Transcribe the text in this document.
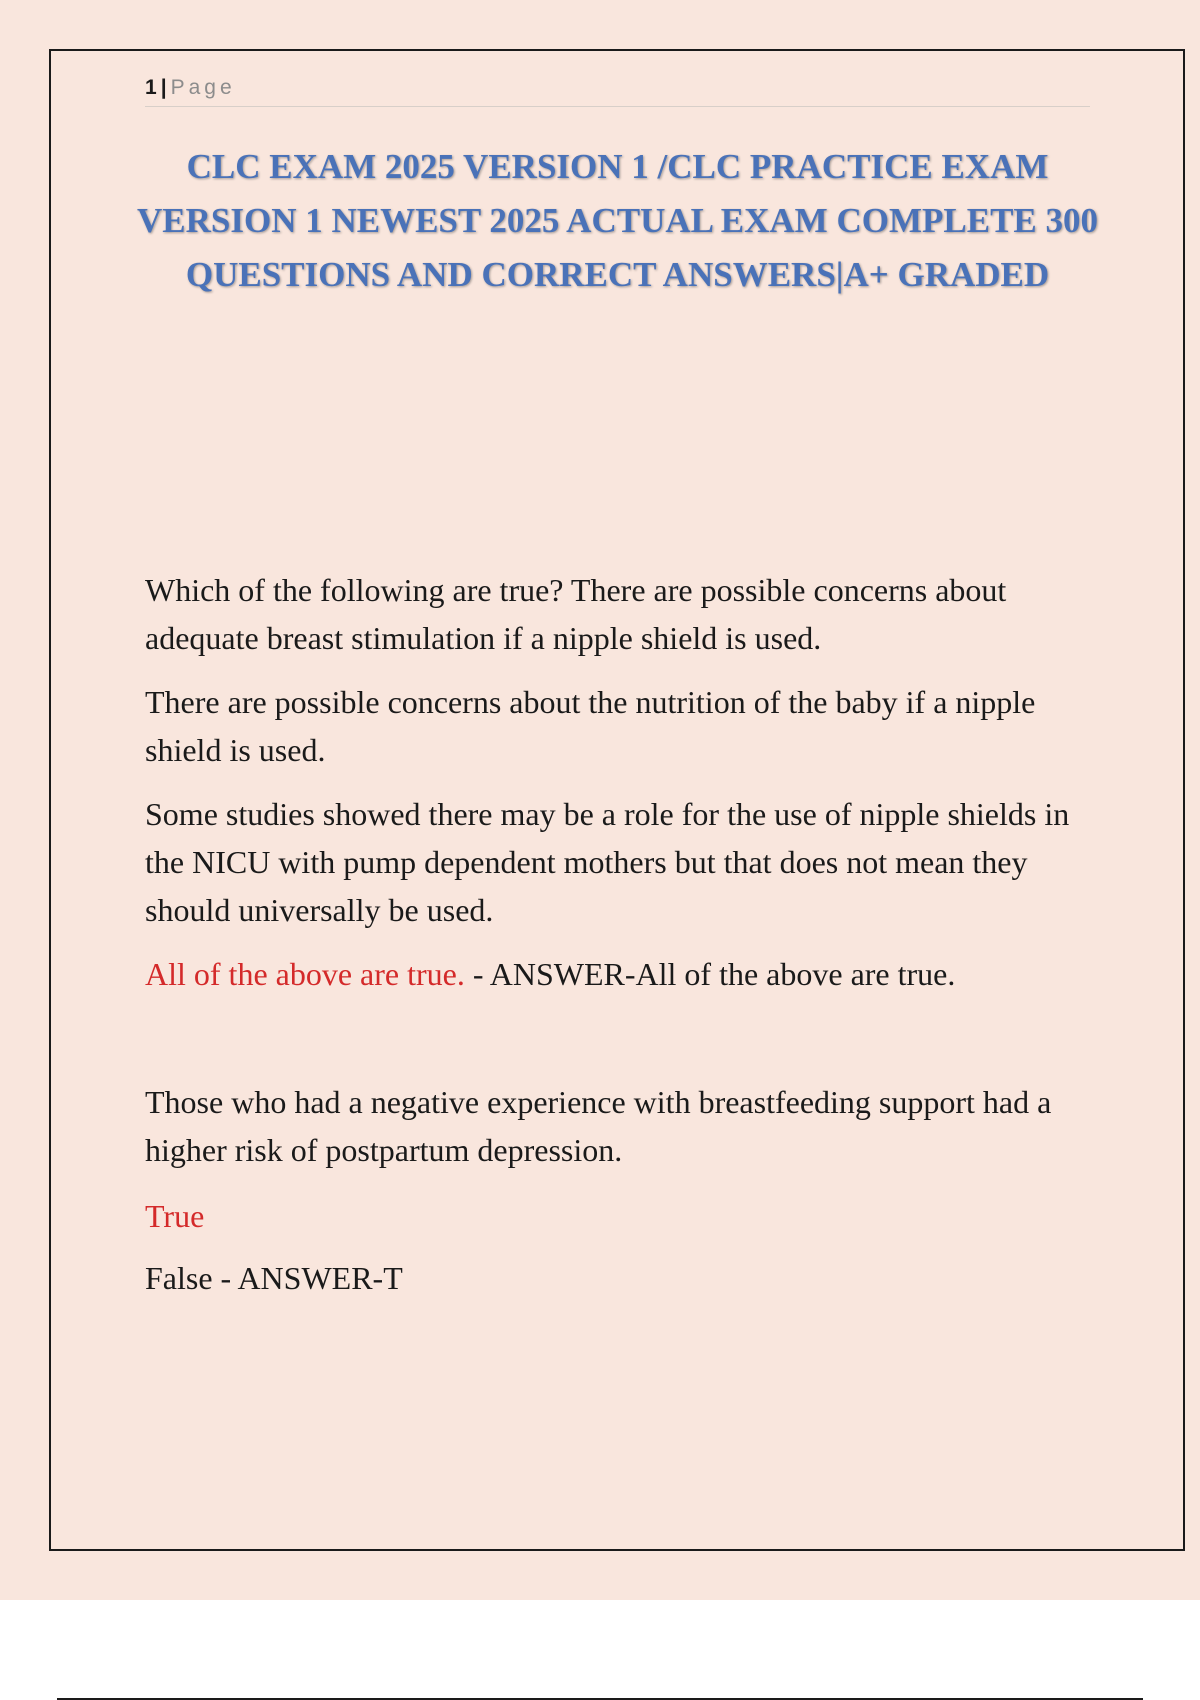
1 | Page
CLC EXAM 2025 VERSION 1 /CLC PRACTICE EXAM VERSION 1 NEWEST 2025 ACTUAL EXAM COMPLETE 300 QUESTIONS AND CORRECT ANSWERS|A+ GRADED

Which of the following are true? There are possible concerns about adequate breast stimulation if a nipple shield is used.

There are possible concerns about the nutrition of the baby if a nipple shield is used.

Some studies showed there may be a role for the use of nipple shields in the NICU with pump dependent mothers but that does not mean they should universally be used.

All of the above are true. - ANSWER-All of the above are true.

Those who had a negative experience with breastfeeding support had a higher risk of postpartum depression.

True

False - ANSWER-T
